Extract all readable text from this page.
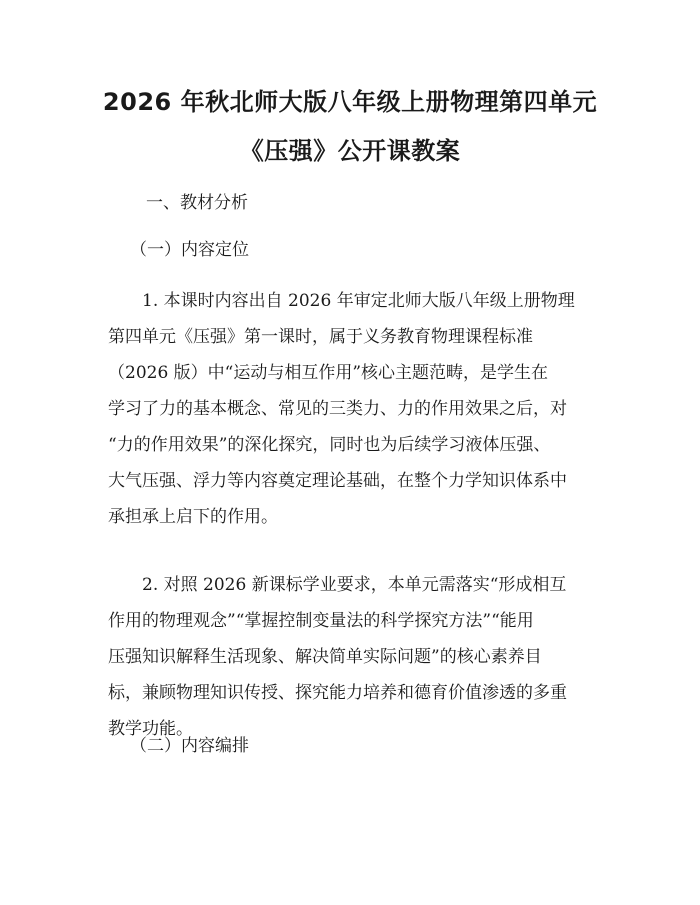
2026 年秋北师大版八年级上册物理第四单元
《压强》公开课教案
一、教材分析
（一）内容定位
1. 本课时内容出自 2026 年审定北师大版八年级上册物理
第四单元《压强》第一课时，属于义务教育物理课程标准
（2026 版）中“运动与相互作用”核心主题范畴，是学生在
学习了力的基本概念、常见的三类力、力的作用效果之后，对
“力的作用效果”的深化探究，同时也为后续学习液体压强、
大气压强、浮力等内容奠定理论基础，在整个力学知识体系中
承担承上启下的作用。
2. 对照 2026 新课标学业要求，本单元需落实“形成相互
作用的物理观念”“掌握控制变量法的科学探究方法”“能用
压强知识解释生活现象、解决简单实际问题”的核心素养目
标，兼顾物理知识传授、探究能力培养和德育价值渗透的多重
教学功能。
（二）内容编排
